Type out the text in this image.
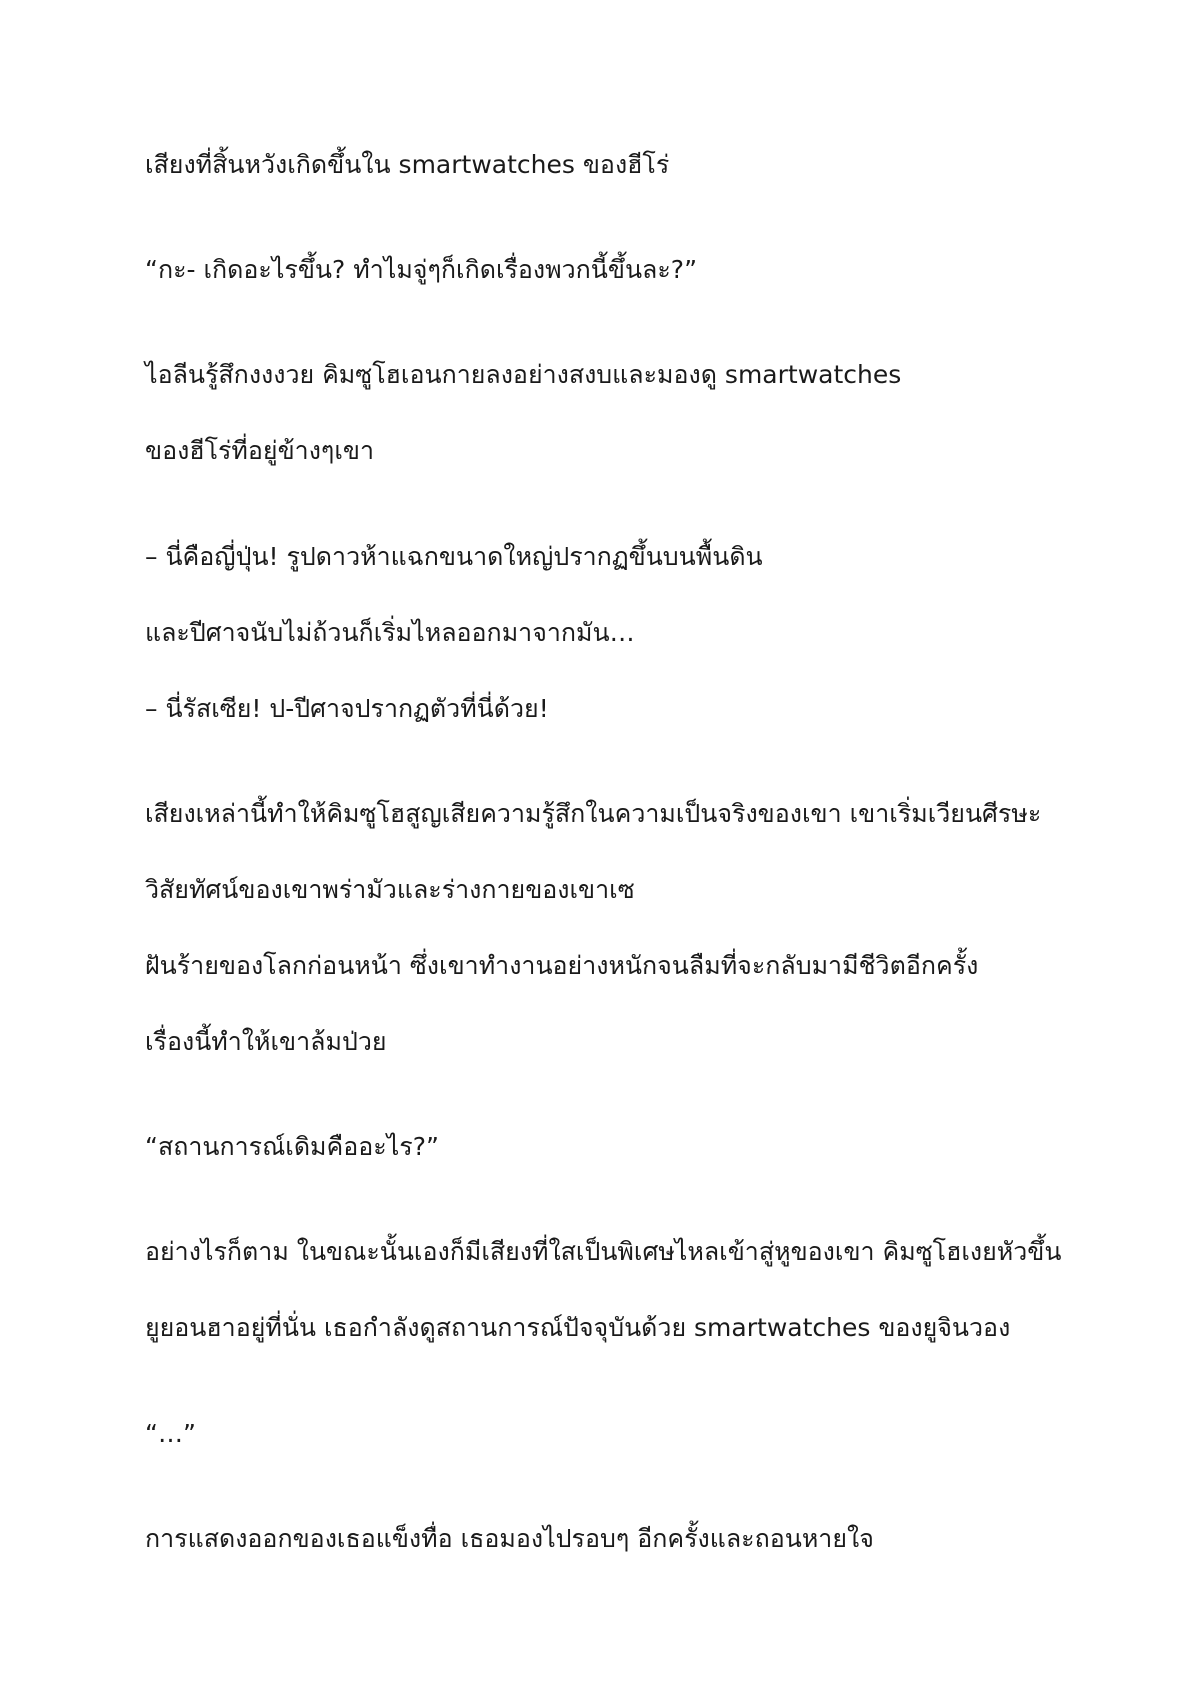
เสียงที่สิ้นหวังเกิดขึ้นใน smartwatches ของฮีโร่
“กะ- เกิดอะไรขึ้น? ทำไมจู่ๆก็เกิดเรื่องพวกนี้ขึ้นละ?”
ไอลีนรู้สึกงงงวย คิมซูโฮเอนกายลงอย่างสงบและมองดู smartwatches
ของฮีโร่ที่อยู่ข้างๆเขา
– นี่คือญี่ปุ่น! รูปดาวห้าแฉกขนาดใหญ่ปรากฏขึ้นบนพื้นดิน
และปีศาจนับไม่ถ้วนก็เริ่มไหลออกมาจากมัน…
– นี่รัสเซีย! ป-ปีศาจปรากฏตัวที่นี่ด้วย!
เสียงเหล่านี้ทำให้คิมซูโฮสูญเสียความรู้สึกในความเป็นจริงของเขา เขาเริ่มเวียนศีรษะ
วิสัยทัศน์ของเขาพร่ามัวและร่างกายของเขาเซ
ฝันร้ายของโลกก่อนหน้า ซึ่งเขาทำงานอย่างหนักจนลืมที่จะกลับมามีชีวิตอีกครั้ง
เรื่องนี้ทำให้เขาล้มป่วย
“สถานการณ์เดิมคืออะไร?”
อย่างไรก็ตาม ในขณะนั้นเองก็มีเสียงที่ใสเป็นพิเศษไหลเข้าสู่หูของเขา คิมซูโฮเงยหัวขึ้น
ยูยอนฮาอยู่ที่นั่น เธอกำลังดูสถานการณ์ปัจจุบันด้วย smartwatches ของยูจินวอง
“…”
การแสดงออกของเธอแข็งทื่อ เธอมองไปรอบๆ อีกครั้งและถอนหายใจ
